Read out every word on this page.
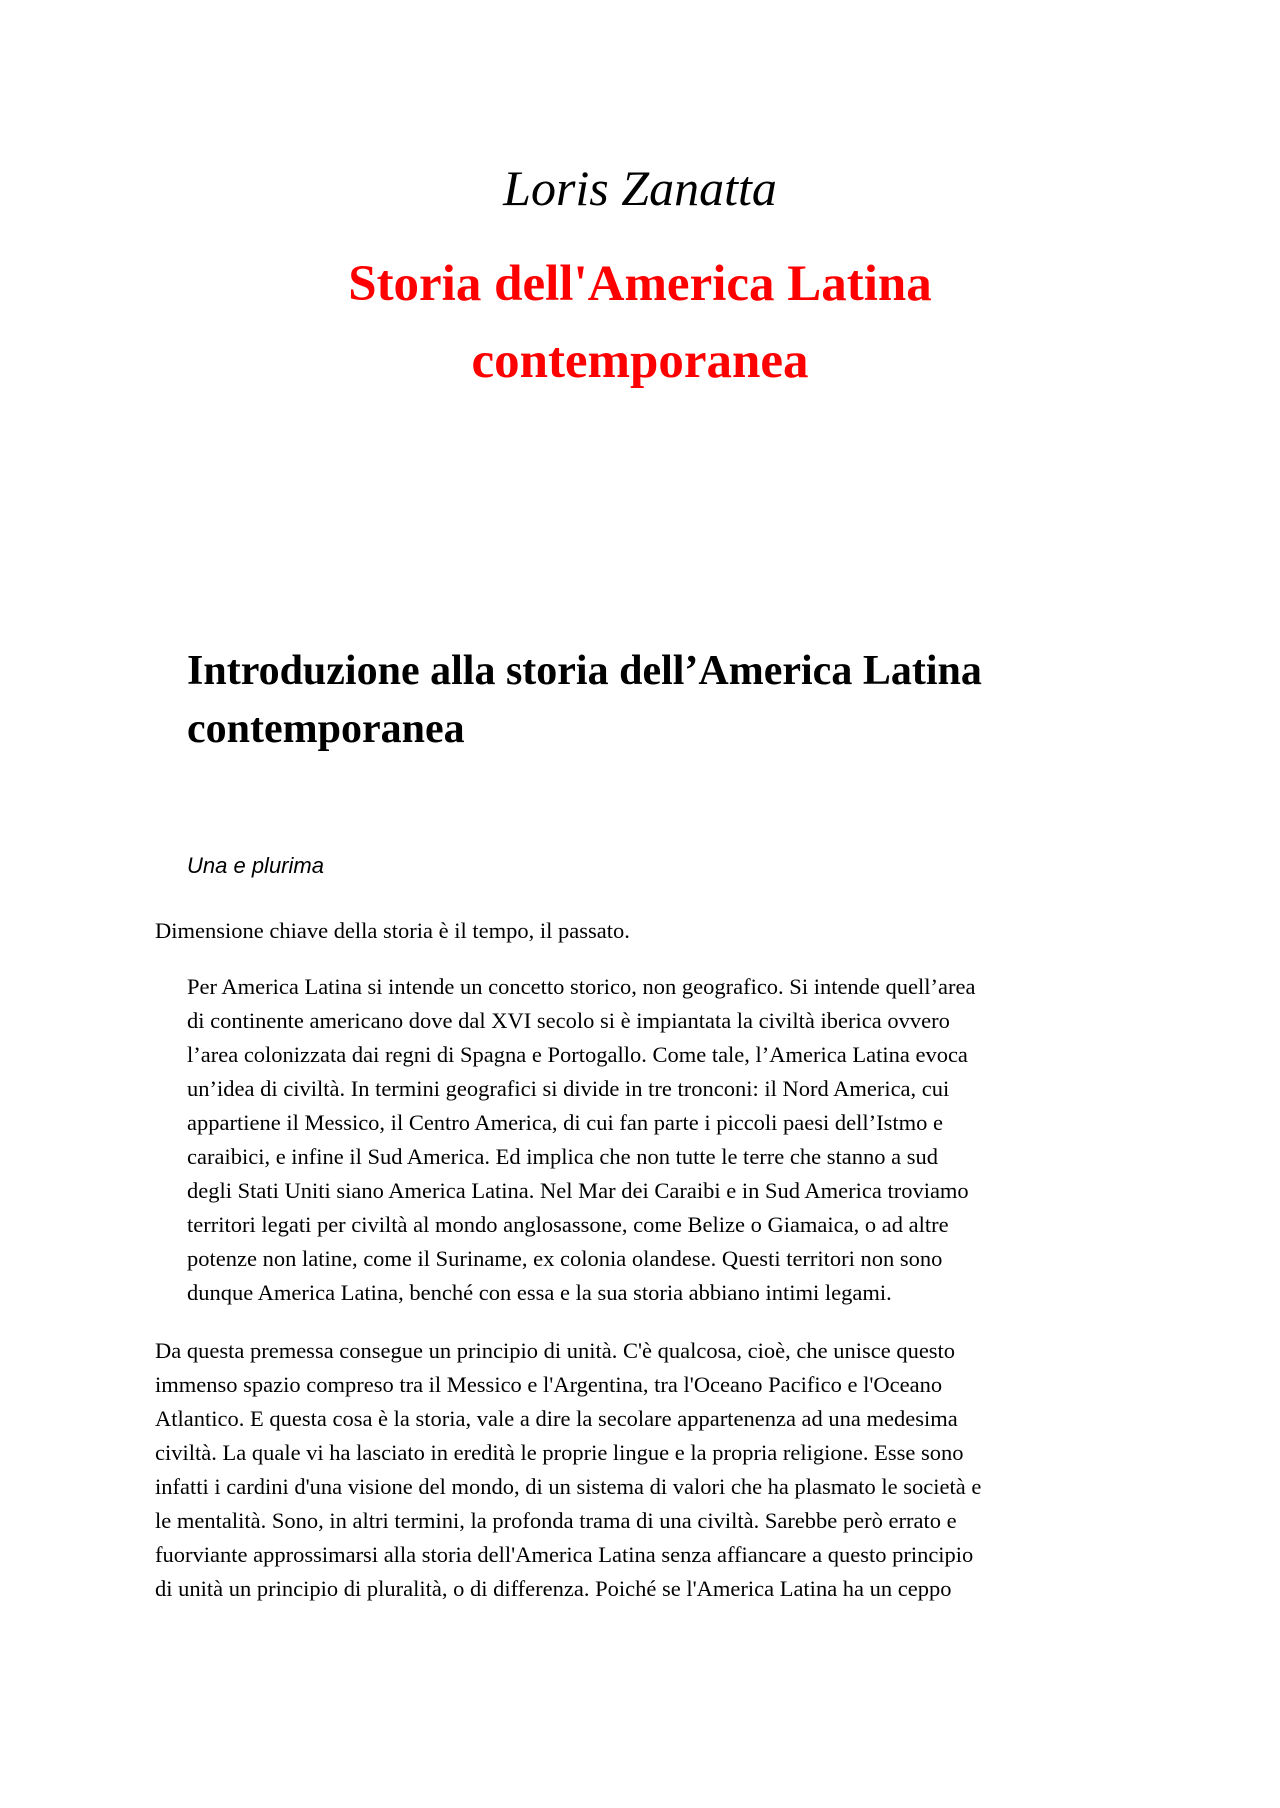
Loris Zanatta
Storia dell'America Latina
contemporanea
Introduzione alla storia dell’America Latina
contemporanea
Una e plurima
Dimensione chiave della storia è il tempo, il passato.
Per America Latina si intende un concetto storico, non geografico. Si intende quell’area
di continente americano dove dal XVI secolo si è impiantata la civiltà iberica ovvero
l’area colonizzata dai regni di Spagna e Portogallo. Come tale, l’America Latina evoca
un’idea di civiltà. In termini geografici si divide in tre tronconi: il Nord America, cui
appartiene il Messico, il Centro America, di cui fan parte i piccoli paesi dell’Istmo e
caraibici, e infine il Sud America. Ed implica che non tutte le terre che stanno a sud
degli Stati Uniti siano America Latina. Nel Mar dei Caraibi e in Sud America troviamo
territori legati per civiltà al mondo anglosassone, come Belize o Giamaica, o ad altre
potenze non latine, come il Suriname, ex colonia olandese. Questi territori non sono
dunque America Latina, benché con essa e la sua storia abbiano intimi legami.
Da questa premessa consegue un principio di unità. C'è qualcosa, cioè, che unisce questo
immenso spazio compreso tra il Messico e l'Argentina, tra l'Oceano Pacifico e l'Oceano
Atlantico. E questa cosa è la storia, vale a dire la secolare appartenenza ad una medesima
civiltà. La quale vi ha lasciato in eredità le proprie lingue e la propria religione. Esse sono
infatti i cardini d'una visione del mondo, di un sistema di valori che ha plasmato le società e
le mentalità. Sono, in altri termini, la profonda trama di una civiltà. Sarebbe però errato e
fuorviante approssimarsi alla storia dell'America Latina senza affiancare a questo principio
di unità un principio di pluralità, o di differenza. Poiché se l'America Latina ha un ceppo
